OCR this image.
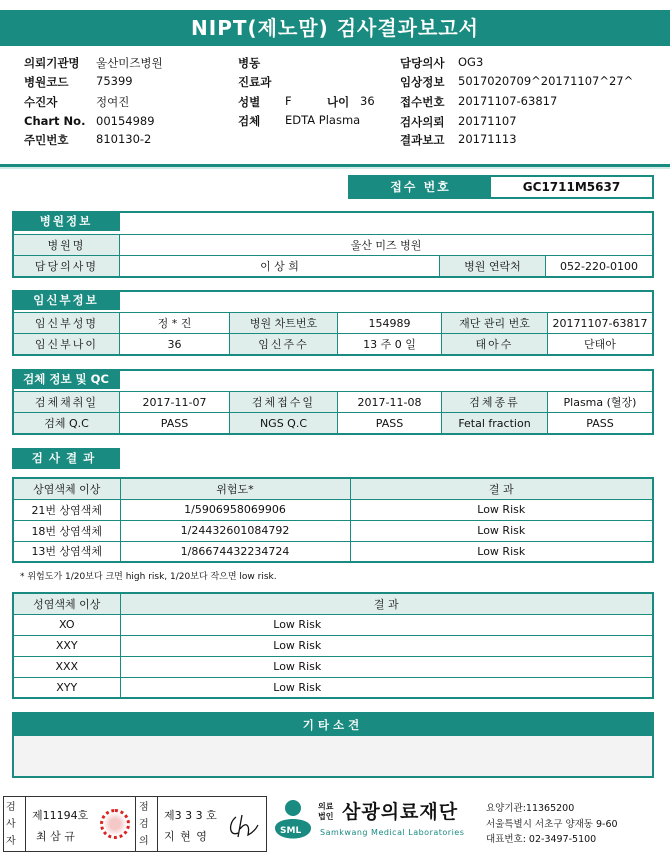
NIPT(제노맘) 검사결과보고서
의뢰기관명 울산미즈병원
병원코드 75399
수진자	정여진
Chart No. 00154989
주민번호 810130-2
병동
진료과
성별 F	나이 36
검체 EDTA Plasma
담당의사 OG3
임상정보 5017020709^20171107^27^
접수번호 20171107-63817
검사의뢰 20171107
결과보고 20171113
접수 번호	GC1711M5637
병원정보
병원명	울산 미즈 병원		
담당의사명	이 상 희	병원 연락처	052-220-0100
임신부정보
임신부성명	정 * 진	병원 차트번호	154989	재단 관리 번호	20171107-63817
임신부나이	36	임신주수	13 주 0 일	태아수	단태아
검체 정보 및 QC
검체채취일	2017-11-07	검체접수일	2017-11-08	검체종류	Plasma (혈장)
검체 Q.C	PASS	NGS Q.C	PASS	Fetal fraction	PASS
검사결과
상염색체 이상	위험도*	결 과
21번 상염색체	1/5906958069906	Low Risk
18번 상염색체	1/24432601084792	Low Risk
13번 상염색체	1/86674432234724	Low Risk
* 위험도가 1/20보다 크면 high risk, 1/20보다 작으면 low risk.
성염색체 이상	결 과
XO	Low Risk
XXY	Low Risk
XXX	Low Risk
XYY	Low Risk
기타소견
검사자
제11194호
최 삼 규
점검의
제3 3 3 호
지 현 영	SML
의료법인 삼광의료재단
Samkwang Medical Laboratories
요양기관:11365200
서울특별시 서초구 양재동 9-60
대표번호: 02-3497-5100
